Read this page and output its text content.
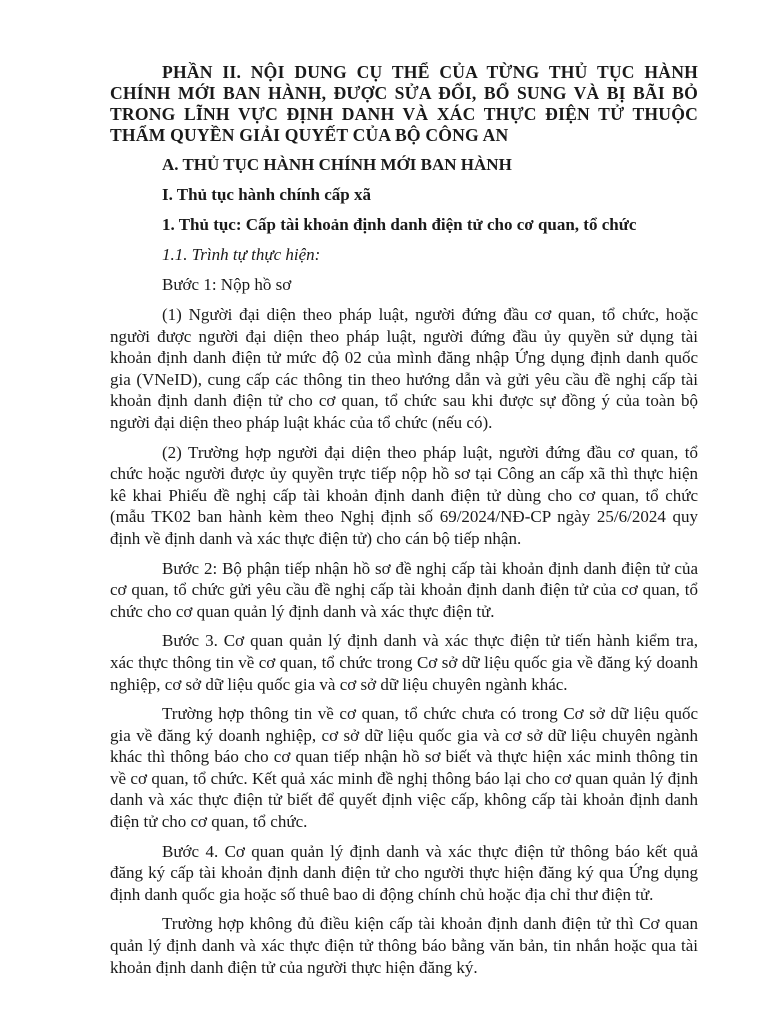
PHẦN II. NỘI DUNG CỤ THỂ CỦA TỪNG THỦ TỤC HÀNH CHÍNH MỚI BAN HÀNH, ĐƯỢC SỬA ĐỔI, BỔ SUNG VÀ BỊ BÃI BỎ TRONG LĨNH VỰC ĐỊNH DANH VÀ XÁC THỰC ĐIỆN TỬ THUỘC THẨM QUYỀN GIẢI QUYẾT CỦA BỘ CÔNG AN

A. THỦ TỤC HÀNH CHÍNH MỚI BAN HÀNH

I. Thủ tục hành chính cấp xã

1. Thủ tục: Cấp tài khoản định danh điện tử cho cơ quan, tổ chức

1.1. Trình tự thực hiện:

Bước 1: Nộp hồ sơ

(1) Người đại diện theo pháp luật, người đứng đầu cơ quan, tổ chức, hoặc người được người đại diện theo pháp luật, người đứng đầu ủy quyền sử dụng tài khoản định danh điện tử mức độ 02 của mình đăng nhập Ứng dụng định danh quốc gia (VNeID), cung cấp các thông tin theo hướng dẫn và gửi yêu cầu đề nghị cấp tài khoản định danh điện tử cho cơ quan, tổ chức sau khi được sự đồng ý của toàn bộ người đại diện theo pháp luật khác của tổ chức (nếu có).

(2) Trường hợp người đại diện theo pháp luật, người đứng đầu cơ quan, tổ chức hoặc người được ủy quyền trực tiếp nộp hồ sơ tại Công an cấp xã thì thực hiện kê khai Phiếu đề nghị cấp tài khoản định danh điện tử dùng cho cơ quan, tổ chức (mẫu TK02 ban hành kèm theo Nghị định số 69/2024/NĐ-CP ngày 25/6/2024 quy định về định danh và xác thực điện tử) cho cán bộ tiếp nhận.

Bước 2: Bộ phận tiếp nhận hồ sơ đề nghị cấp tài khoản định danh điện tử của cơ quan, tổ chức gửi yêu cầu đề nghị cấp tài khoản định danh điện tử của cơ quan, tổ chức cho cơ quan quản lý định danh và xác thực điện tử.

Bước 3. Cơ quan quản lý định danh và xác thực điện tử tiến hành kiểm tra, xác thực thông tin về cơ quan, tổ chức trong Cơ sở dữ liệu quốc gia về đăng ký doanh nghiệp, cơ sở dữ liệu quốc gia và cơ sở dữ liệu chuyên ngành khác.

Trường hợp thông tin về cơ quan, tổ chức chưa có trong Cơ sở dữ liệu quốc gia về đăng ký doanh nghiệp, cơ sở dữ liệu quốc gia và cơ sở dữ liệu chuyên ngành khác thì thông báo cho cơ quan tiếp nhận hồ sơ biết và thực hiện xác minh thông tin về cơ quan, tổ chức. Kết quả xác minh đề nghị thông báo lại cho cơ quan quản lý định danh và xác thực điện tử biết để quyết định việc cấp, không cấp tài khoản định danh điện tử cho cơ quan, tổ chức.

Bước 4. Cơ quan quản lý định danh và xác thực điện tử thông báo kết quả đăng ký cấp tài khoản định danh điện tử cho người thực hiện đăng ký qua Ứng dụng định danh quốc gia hoặc số thuê bao di động chính chủ hoặc địa chỉ thư điện tử.

Trường hợp không đủ điều kiện cấp tài khoản định danh điện tử thì Cơ quan quản lý định danh và xác thực điện tử thông báo bằng văn bản, tin nhắn hoặc qua tài khoản định danh điện tử của người thực hiện đăng ký.
